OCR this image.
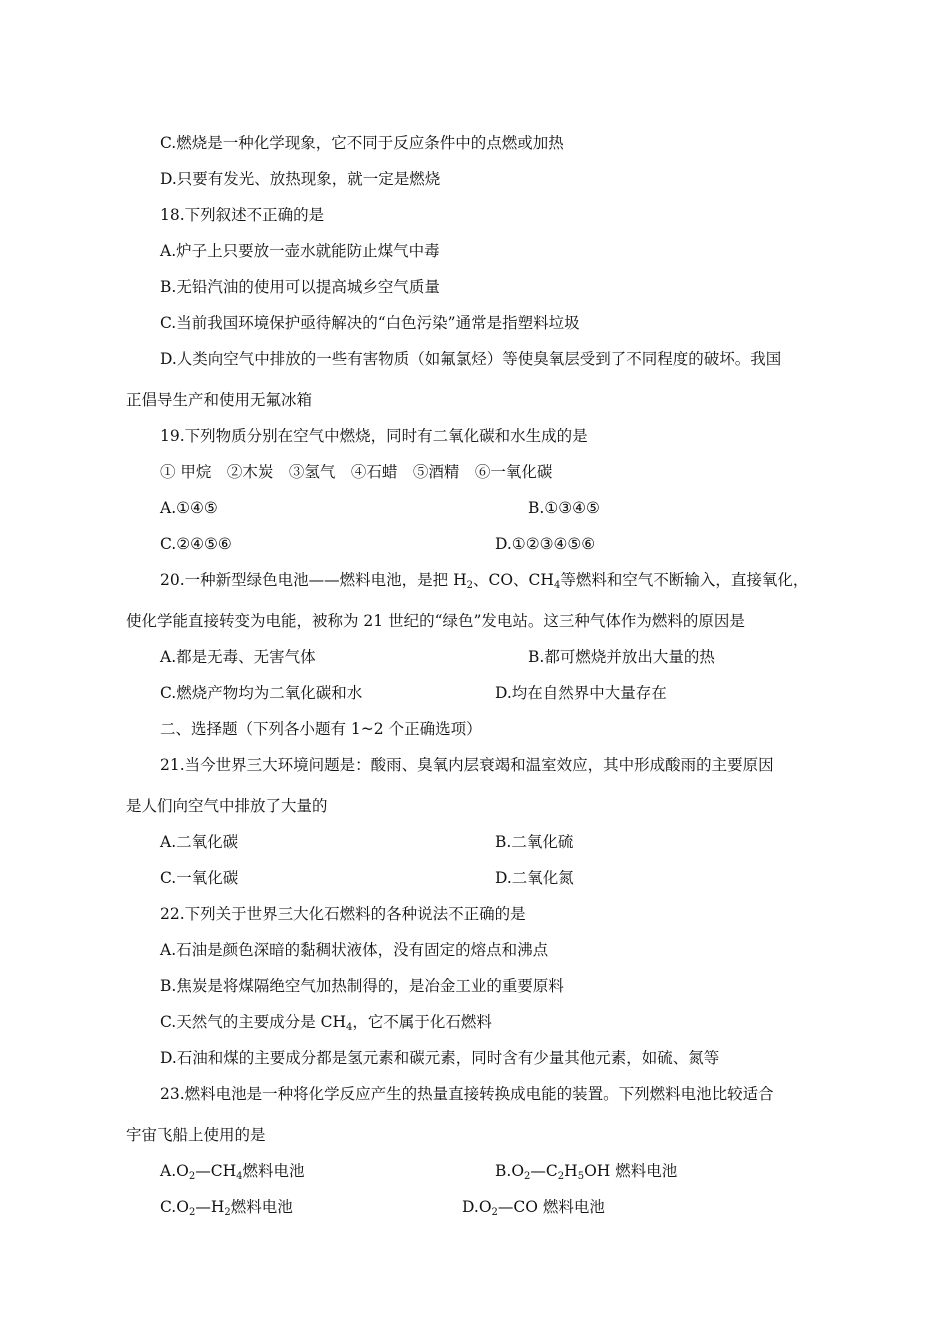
C.燃烧是一种化学现象，它不同于反应条件中的点燃或加热
D.只要有发光、放热现象，就一定是燃烧
18.下列叙述不正确的是
A.炉子上只要放一壶水就能防止煤气中毒
B.无铅汽油的使用可以提高城乡空气质量
C.当前我国环境保护亟待解决的“白色污染”通常是指塑料垃圾
D.人类向空气中排放的一些有害物质（如氟氯烃）等使臭氧层受到了不同程度的破坏。我国
正倡导生产和使用无氟冰箱
19.下列物质分别在空气中燃烧，同时有二氧化碳和水生成的是
① 甲烷　②木炭　③氢气　④石蜡　⑤酒精　⑥一氧化碳
A.①④⑤	B.①③④⑤
C.②④⑤⑥	D.①②③④⑤⑥
20.一种新型绿色电池——燃料电池，是把 $H_2$、CO、$CH_4$等燃料和空气不断输入，直接氧化，
使化学能直接转变为电能，被称为 21 世纪的“绿色”发电站。这三种气体作为燃料的原因是
A.都是无毒、无害气体	B.都可燃烧并放出大量的热
C.燃烧产物均为二氧化碳和水	D.均在自然界中大量存在
二、选择题（下列各小题有 1~2 个正确选项）
21.当今世界三大环境问题是：酸雨、臭氧内层衰竭和温室效应，其中形成酸雨的主要原因
是人们向空气中排放了大量的
A.二氧化碳	B.二氧化硫
C.一氧化碳	D.二氧化氮
22.下列关于世界三大化石燃料的各种说法不正确的是
A.石油是颜色深暗的黏稠状液体，没有固定的熔点和沸点
B.焦炭是将煤隔绝空气加热制得的，是冶金工业的重要原料
C.天然气的主要成分是 $CH_4$，它不属于化石燃料
D.石油和煤的主要成分都是氢元素和碳元素，同时含有少量其他元素，如硫、氮等
23.燃料电池是一种将化学反应产生的热量直接转换成电能的装置。下列燃料电池比较适合
宇宙飞船上使用的是
$A.O_2—CH_4$燃料电池	$B.O_2—C_2H_5OH$ 燃料电池
$C.O_2—H_2$燃料电池	$D.O_2—CO$ 燃料电池
